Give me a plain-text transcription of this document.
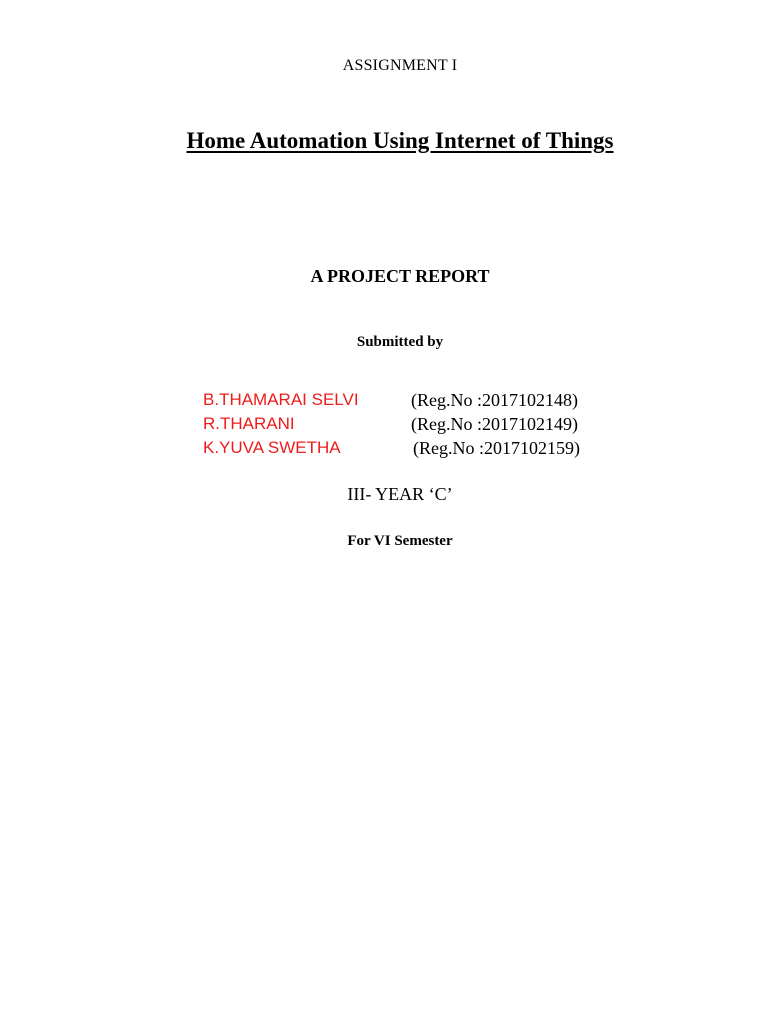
ASSIGNMENT I
Home Automation Using Internet of Things
A PROJECT REPORT
Submitted by
B.THAMARAI SELVI	(Reg.No :2017102148)
R.THARANI	(Reg.No :2017102149)
K.YUVA SWETHA	(Reg.No :2017102159)
III- YEAR ‘C’
For VI Semester
